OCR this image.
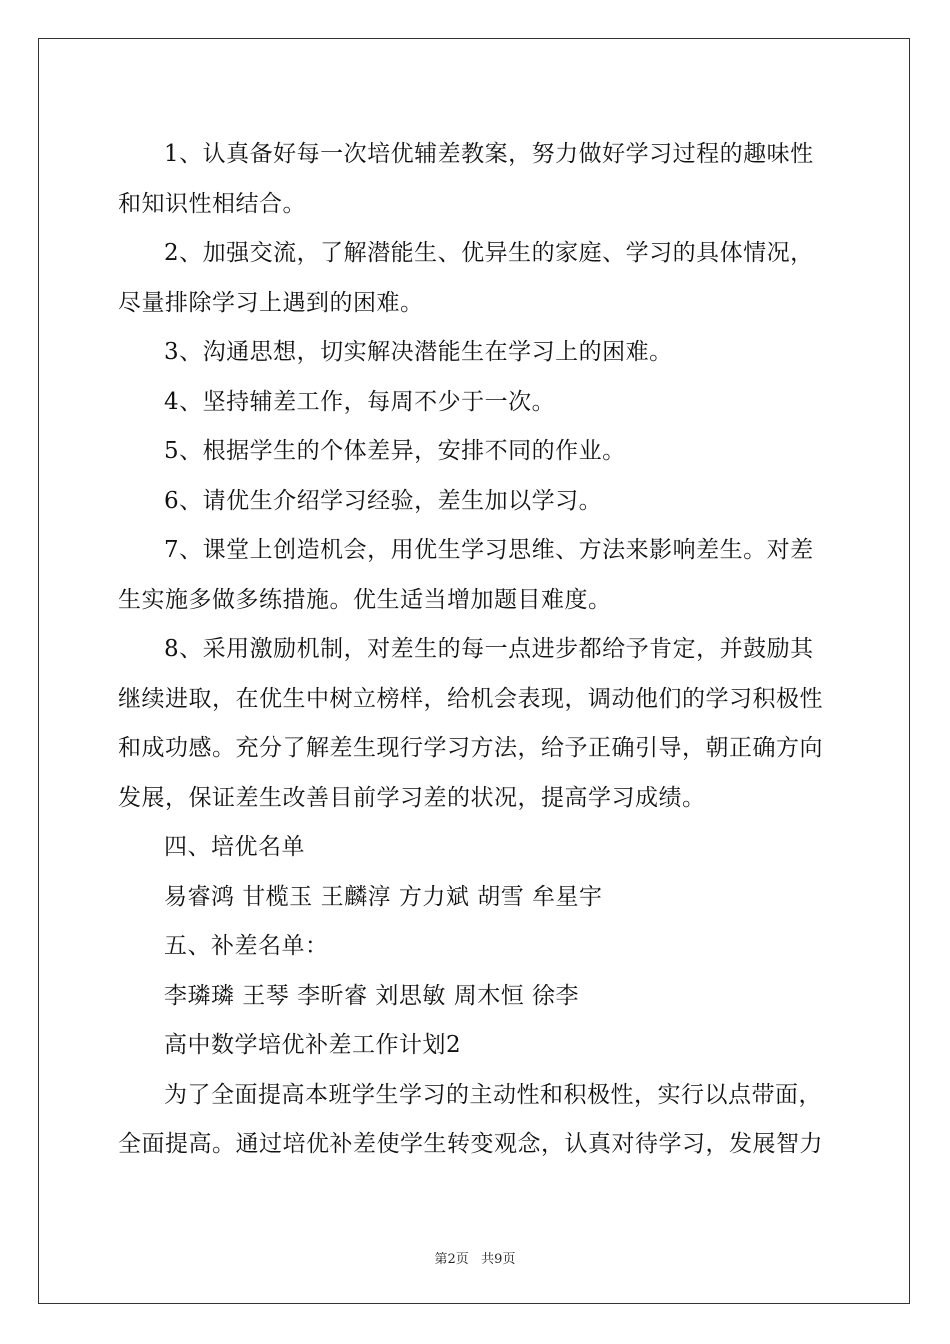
1、认真备好每一次培优辅差教案，努力做好学习过程的趣味性和知识性相结合。

2、加强交流，了解潜能生、优异生的家庭、学习的具体情况，尽量排除学习上遇到的困难。

3、沟通思想，切实解决潜能生在学习上的困难。

4、坚持辅差工作，每周不少于一次。

5、根据学生的个体差异，安排不同的作业。

6、请优生介绍学习经验，差生加以学习。

7、课堂上创造机会，用优生学习思维、方法来影响差生。对差生实施多做多练措施。优生适当增加题目难度。

8、采用激励机制，对差生的每一点进步都给予肯定，并鼓励其继续进取，在优生中树立榜样，给机会表现，调动他们的学习积极性和成功感。充分了解差生现行学习方法，给予正确引导，朝正确方向发展，保证差生改善目前学习差的状况，提高学习成绩。

四、培优名单

易睿鸿 甘榄玉 王麟淳 方力斌 胡雪 牟星宇

五、补差名单：

李璘璘 王琴 李昕睿 刘思敏 周木恒 徐李

高中数学培优补差工作计划2

为了全面提高本班学生学习的主动性和积极性，实行以点带面，全面提高。通过培优补差使学生转变观念，认真对待学习，发展智力

第2页   共9页
